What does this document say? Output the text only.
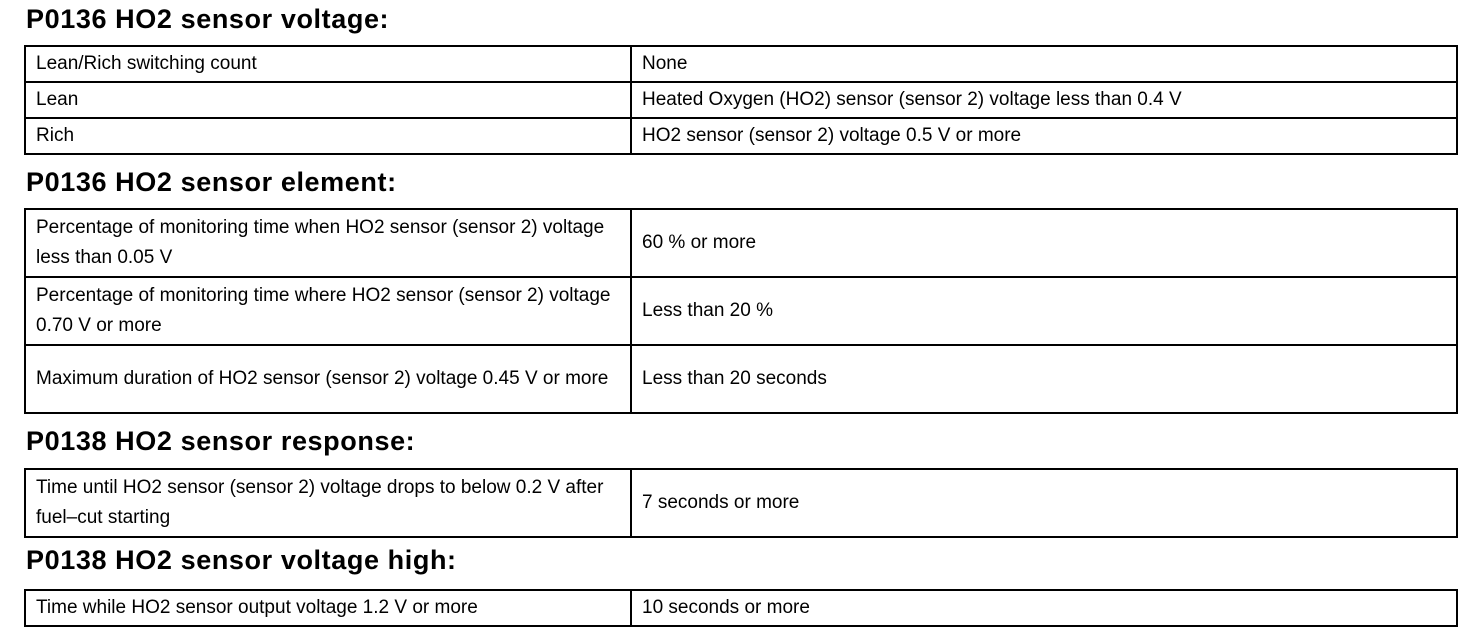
P0136 HO2 sensor voltage:
Lean/Rich switching count	None
Lean	Heated Oxygen (HO2) sensor (sensor 2) voltage less than 0.4 V
Rich	HO2 sensor (sensor 2) voltage 0.5 V or more
P0136 HO2 sensor element:
Percentage of monitoring time when HO2 sensor (sensor 2) voltage less than 0.05 V	60 % or more
Percentage of monitoring time where HO2 sensor (sensor 2) voltage 0.70 V or more	Less than 20 %
Maximum duration of HO2 sensor (sensor 2) voltage 0.45 V or more	Less than 20 seconds
P0138 HO2 sensor response:
Time until HO2 sensor (sensor 2) voltage drops to below 0.2 V after fuel–cut starting	7 seconds or more
P0138 HO2 sensor voltage high:
Time while HO2 sensor output voltage 1.2 V or more	10 seconds or more
